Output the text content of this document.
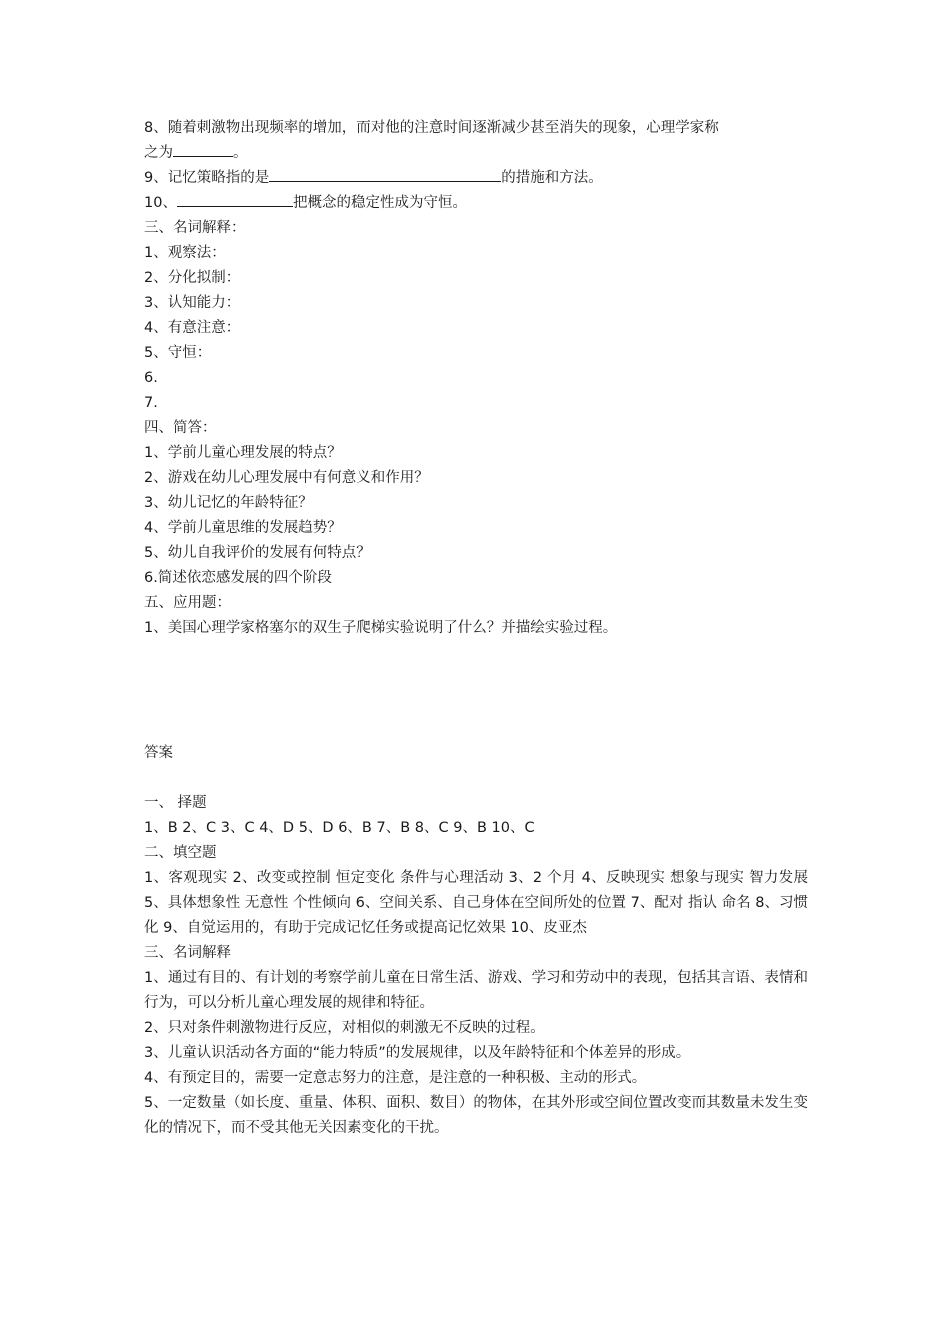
8、随着刺激物出现频率的增加，而对他的注意时间逐渐减少甚至消失的现象，心理学家称

之为	。

9、记忆策略指的是	的措施和方法。

10、	把概念的稳定性成为守恒。

三、名词解释：

1、观察法：

2、分化拟制：

3、认知能力：

4、有意注意：

5、守恒：

6.

7.

四、简答：

1、学前儿童心理发展的特点？

2、游戏在幼儿心理发展中有何意义和作用？

3、幼儿记忆的年龄特征？

4、学前儿童思维的发展趋势？

5、幼儿自我评价的发展有何特点？

6.简述依恋感发展的四个阶段

五、应用题：

1、美国心理学家格塞尔的双生子爬梯实验说明了什么？并描绘实验过程。

答案

一、 择题

1、B 2、C 3、C 4、D 5、D 6、B 7、B 8、C 9、B 10、C

二、填空题

1、客观现实 2、改变或控制 恒定变化 条件与心理活动 3、2 个月 4、反映现实 想象与现实 智力发展 5、具体想象性 无意性 个性倾向 6、空间关系、自己身体在空间所处的位置 7、配对 指认 命名 8、习惯化 9、自觉运用的，有助于完成记忆任务或提高记忆效果 10、皮亚杰

三、名词解释

1、通过有目的、有计划的考察学前儿童在日常生活、游戏、学习和劳动中的表现，包括其言语、表情和行为，可以分析儿童心理发展的规律和特征。

2、只对条件刺激物进行反应，对相似的刺激无不反映的过程。

3、儿童认识活动各方面的“能力特质”的发展规律，以及年龄特征和个体差异的形成。

4、有预定目的，需要一定意志努力的注意，是注意的一种积极、主动的形式。

5、一定数量（如长度、重量、体积、面积、数目）的物体，在其外形或空间位置改变而其数量未发生变化的情况下，而不受其他无关因素变化的干扰。
